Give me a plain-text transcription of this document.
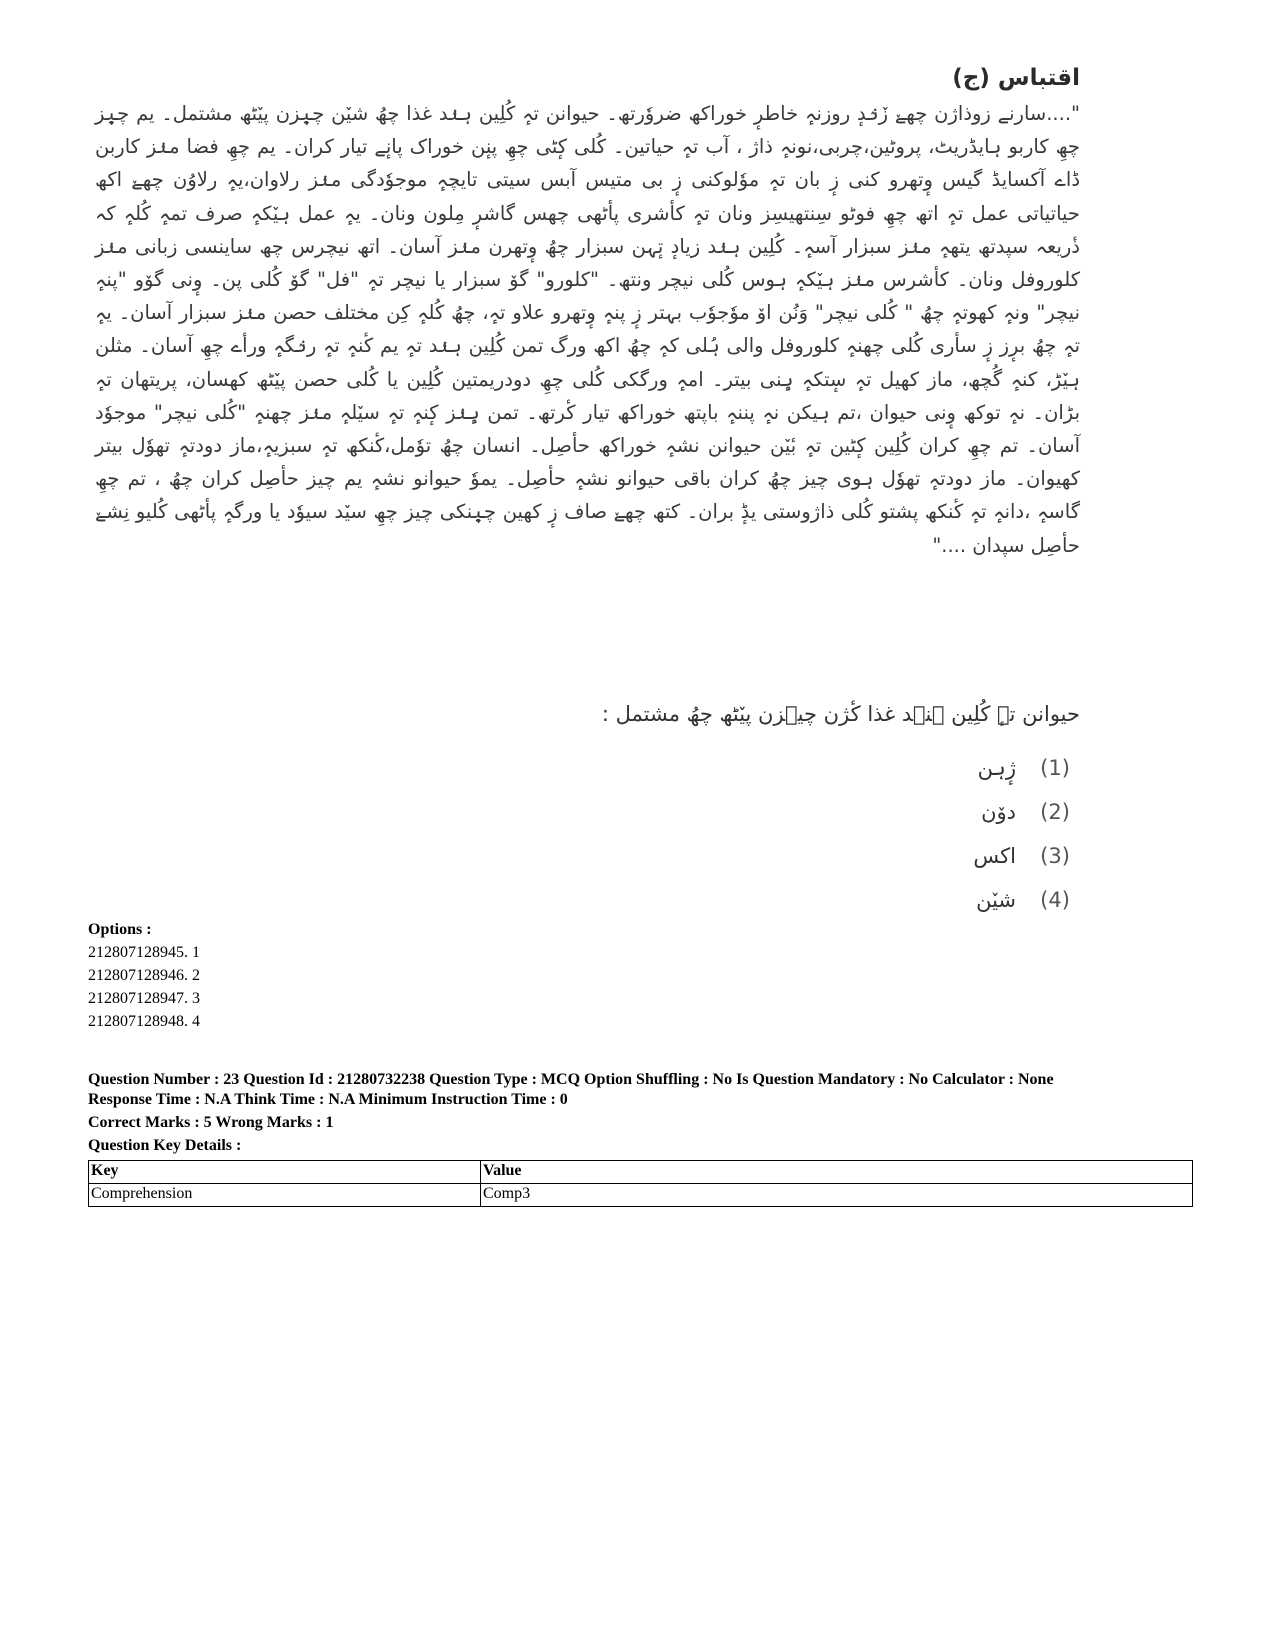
اقتباس (ج)

"....سارنے زوذاژن چھےٚ زٚنٛدٕ روزنہٕ خاطرٕ خوراکھ ضروٗرتھ۔ حیوانن تہٕ کُلِین ہنٛد غذا چھُ شیٚن چیٖزن پیٚٹھ مشتمل۔ یم چیٖز چھِ کاربو ہایڈریٹ، پروٹین،چربی،نونہٕ ذاژ ، آب تہٕ حیاتین۔ کُلی کٕٹی چھِ پنٕن خوراک پانٕے تیار کران۔ یم چھِ فضا منٛز کاربن ڈاے آکسایڈ گیس وٕتھرو کنی زٕ بان تہٕ موٗلوکنی زٕ بی متیس آبس سیتی تایچہٕ موجوٗدگی منٛز رلاوان،یہٕ رلاوُن چھےٚ اکھ حیاتیاتی عمل تہٕ اتھ چھِ فوٹو سِنتھیسِز ونان تہٕ کأشری پأٹھی چھس گاشرٕ مِلون ونان۔ یہٕ عمل ہیٚکہٕ صرف تمہٕ کُلہٕ کہ ذٔریعہ سپدتھ یتھہٕ منٛز سبزار آسہٕ۔ کُلِین ہنٛد زیادٕ تٕہن سبزار چھُ وٕتھرن منٛز آسان۔ اتھ نیچرس چھ ساینسی زبانی منٛز کلوروفل ونان۔ کأشرس منٛز ہیٚکہٕ ہوس کُلی نیچر ونتھ۔ "کلورو" گوٚ سبزار یا نیچر تہٕ "فل" گوٚ کُلی پن۔ وٕنی گوٚو "پنہٕ نیچر" ونہٕ کھوتہٕ چھُ " کُلی نیچر" وَنُن اوٚ موٗجوٗب بہتر زٕ پنہٕ وٕتھرو علاو تہٕ، چھُ کُلہٕ کِن مختلف حصن منٛز سبزار آسان۔ یہٕ تہٕ چھُ برٕز زٕ سأری کُلی چھنہٕ کلوروفل والی ہُلی کہٕ چھُ اکھ ورگ تمن کُلِین ہنٛد تہٕ یم کٔنہٕ تہٕ رنٛگہٕ ورأے چھِ آسان۔ مثلن ہیٚڑ، کنہٕ گُچھ، ماز کھیل تہٕ سٕتکہٕ ہٕنی بیتر۔ امہٕ ورگکی کُلی چھِ دودریمتین کُلِین یا کُلی حصن پیٚٹھ کھسان، پریتھان تہٕ بڑان۔ نہٕ توکھ وٕنی حیوان ،تم ہیکن نہٕ پننہٕ باپتھ خوراکھ تیار کٔرتھ۔ تمن ہٕنٛز کٕنہٕ تہٕ سیٚلہٕ منٛز چھنہٕ "کُلی نیچر" موجوٗد آسان۔ تم چھِ کران کُلِین کٕٹین تہٕ بٔیٚن حیوانن نشہٕ خوراکھ حأصِل۔ انسان چھُ توٗمل،کٔنکھ تہٕ سبزیہٕ،ماز دودتہٕ تھوٗل بیتر کھیوان۔ ماز دودتہٕ تھوٗل ہوی چیز چھُ کران باقی حیوانو نشہٕ حأصِل۔ یموٗ حیوانو نشہٕ یم چیز حأصِل کران چھُ ، تم چھِ گاسہٕ ،دانہٕ تہٕ کٔنکھ پشتو کُلی ذاژوستی یڈٕ بران۔ کتھ چھےٚ صاف زٕ کھین چیٖنکی چیز چھِ سیٚد سیوٗد یا ورگہٕ پأٹھی کُلیو نِشےٚ حأصِل سپدان ...."

حیوانن تہٕ کُلِین ہنٛد غذا کٔژن چیٖزن پیٚٹھ چھُ مشتمل :
(1)
ژٕہن
(2)
دوٚن
(3)
اکس
(4)
شیٚن
Options :
212807128945. 1
212807128946. 2
212807128947. 3
212807128948. 4
Question Number : 23 Question Id : 21280732238 Question Type : MCQ Option Shuffling : No Is Question Mandatory : No Calculator : None
Response Time : N.A Think Time : N.A Minimum Instruction Time : 0
Correct Marks : 5 Wrong Marks : 1
Question Key Details :
Key	Value
Comprehension	Comp3
